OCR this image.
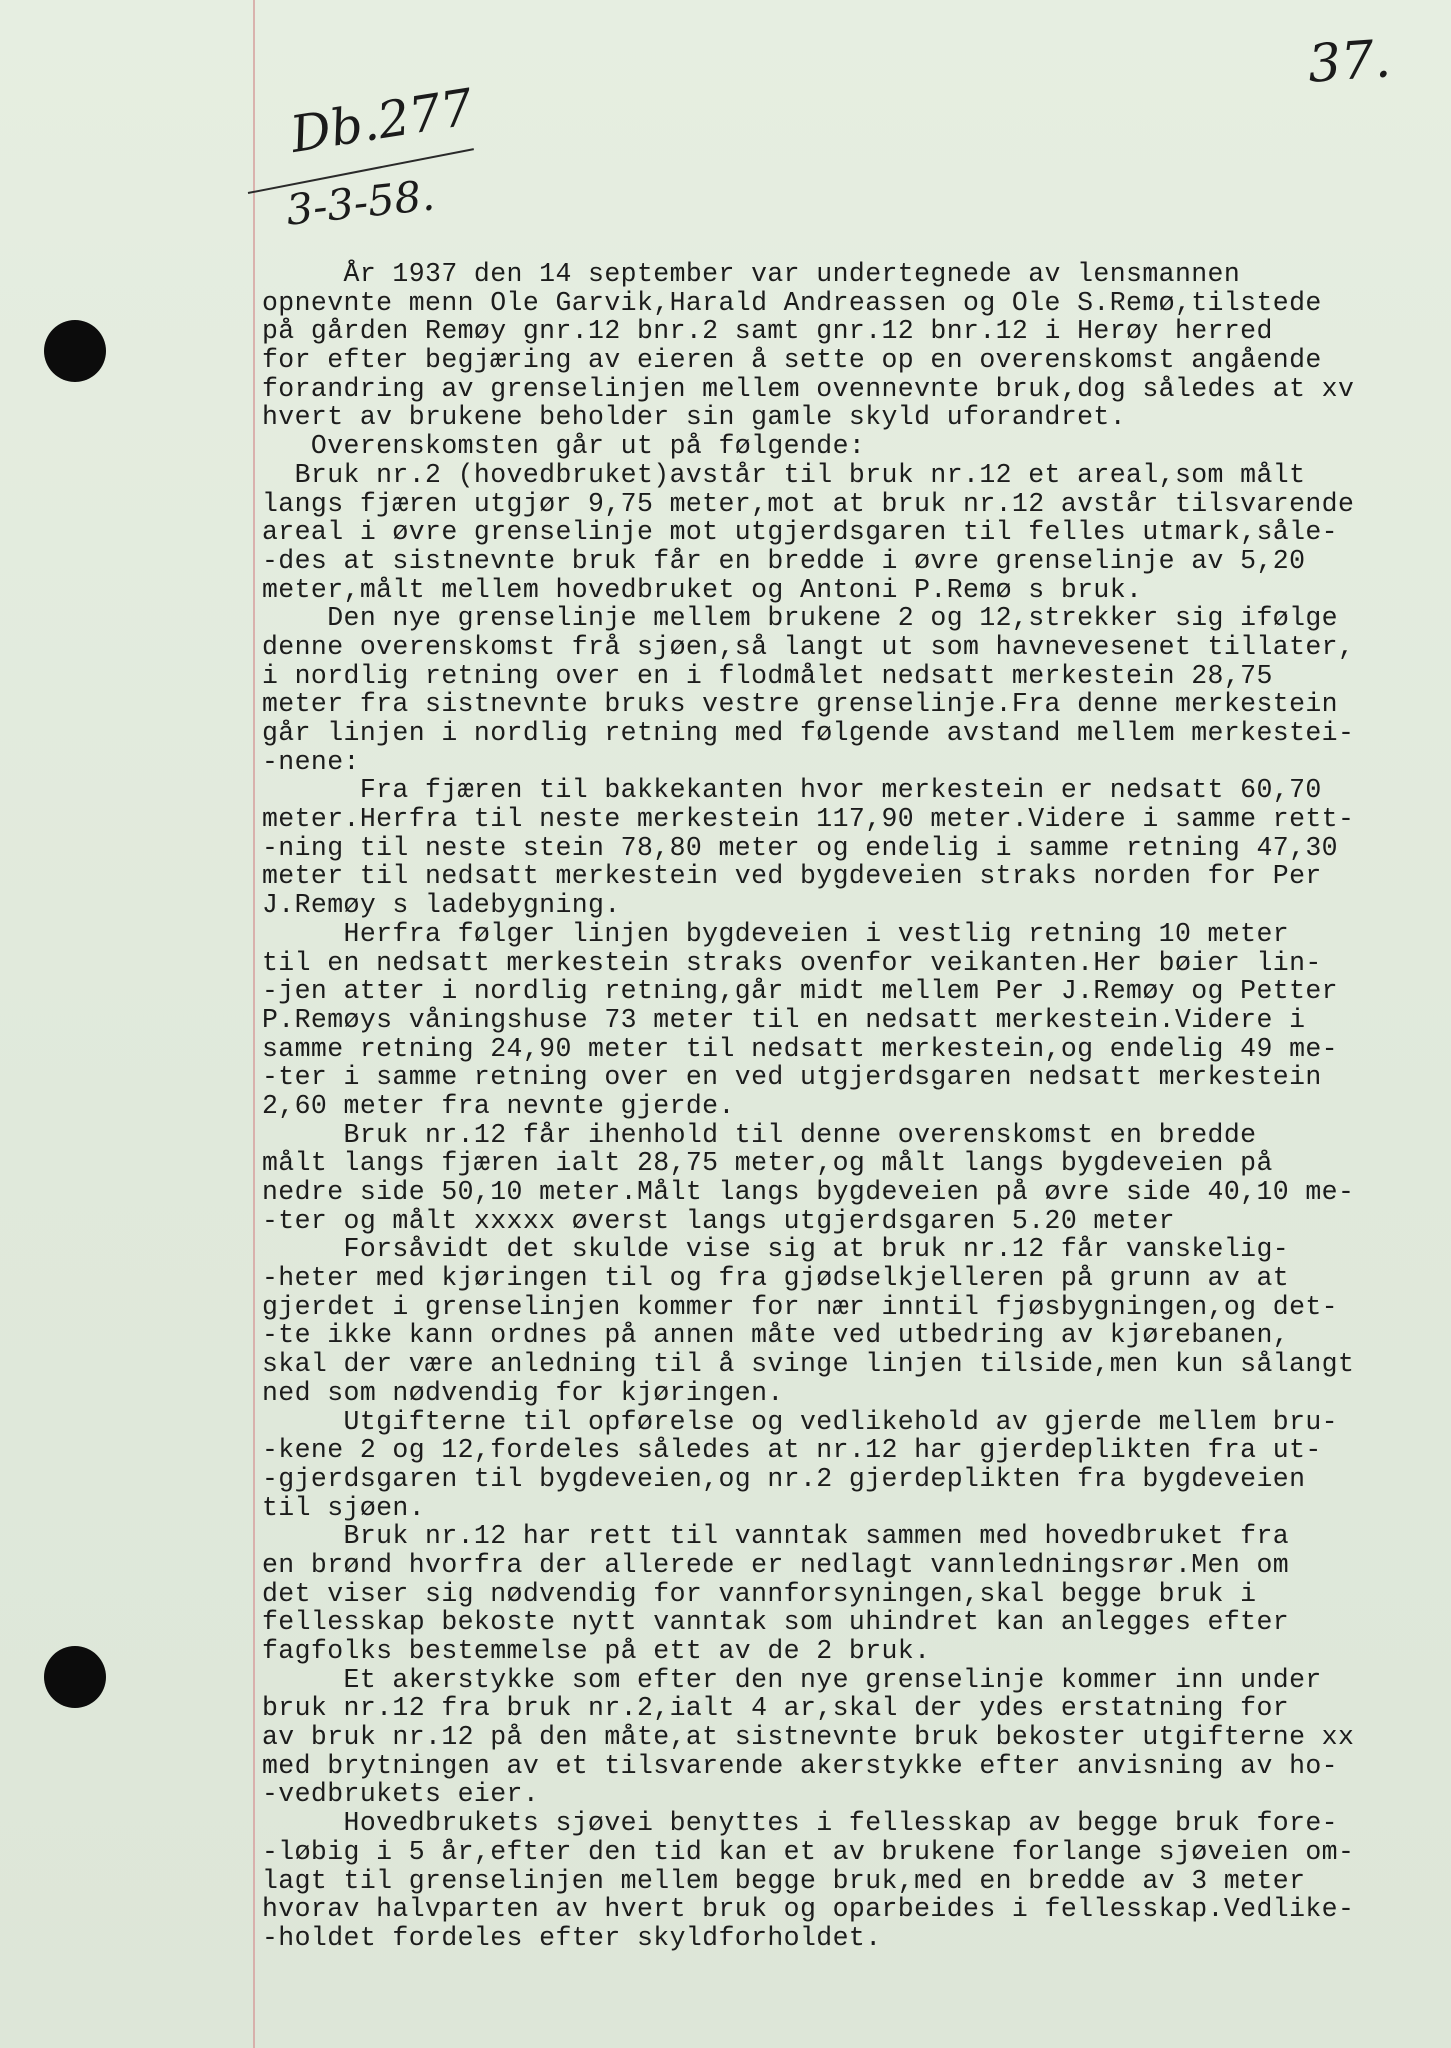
37.
Db.277
3-3-58.
År 1937 den 14 september var undertegnede av lensmannen
opnevnte menn Ole Garvik,Harald Andreassen og Ole S.Remø,tilstede
på gården Remøy gnr.12 bnr.2 samt gnr.12 bnr.12 i Herøy herred
for efter begjæring av eieren å sette op en overenskomst angående
forandring av grenselinjen mellem ovennevnte bruk,dog således at xv
hvert av brukene beholder sin gamle skyld uforandret.
Overenskomsten går ut på følgende:
Bruk nr.2 (hovedbruket)avstår til bruk nr.12 et areal,som målt
langs fjæren utgjør 9,75 meter,mot at bruk nr.12 avstår tilsvarende
areal i øvre grenselinje mot utgjerdsgaren til felles utmark,såle-
-des at sistnevnte bruk får en bredde i øvre grenselinje av 5,20
meter,målt mellem hovedbruket og Antoni P.Remø s bruk.
Den nye grenselinje mellem brukene 2 og 12,strekker sig ifølge
denne overenskomst frå sjøen,så langt ut som havnevesenet tillater,
i nordlig retning over en i flodmålet nedsatt merkestein 28,75
meter fra sistnevnte bruks vestre grenselinje.Fra denne merkestein
går linjen i nordlig retning med følgende avstand mellem merkestei-
-nene:
Fra fjæren til bakkekanten hvor merkestein er nedsatt 60,70
meter.Herfra til neste merkestein 117,90 meter.Videre i samme rett-
-ning til neste stein 78,80 meter og endelig i samme retning 47,30
meter til nedsatt merkestein ved bygdeveien straks norden for Per
J.Remøy s ladebygning.
Herfra følger linjen bygdeveien i vestlig retning 10 meter
til en nedsatt merkestein straks ovenfor veikanten.Her bøier lin-
-jen atter i nordlig retning,går midt mellem Per J.Remøy og Petter
P.Remøys våningshuse 73 meter til en nedsatt merkestein.Videre i
samme retning 24,90 meter til nedsatt merkestein,og endelig 49 me-
-ter i samme retning over en ved utgjerdsgaren nedsatt merkestein
2,60 meter fra nevnte gjerde.
Bruk nr.12 får ihenhold til denne overenskomst en bredde
målt langs fjæren ialt 28,75 meter,og målt langs bygdeveien på
nedre side 50,10 meter.Målt langs bygdeveien på øvre side 40,10 me-
-ter og målt xxxxx øverst langs utgjerdsgaren 5.20 meter
Forsåvidt det skulde vise sig at bruk nr.12 får vanskelig-
-heter med kjøringen til og fra gjødselkjelleren på grunn av at
gjerdet i grenselinjen kommer for nær inntil fjøsbygningen,og det-
-te ikke kann ordnes på annen måte ved utbedring av kjørebanen,
skal der være anledning til å svinge linjen tilside,men kun sålangt
ned som nødvendig for kjøringen.
Utgifterne til opførelse og vedlikehold av gjerde mellem bru-
-kene 2 og 12,fordeles således at nr.12 har gjerdeplikten fra ut-
-gjerdsgaren til bygdeveien,og nr.2 gjerdeplikten fra bygdeveien
til sjøen.
Bruk nr.12 har rett til vanntak sammen med hovedbruket fra
en brønd hvorfra der allerede er nedlagt vannledningsrør.Men om
det viser sig nødvendig for vannforsyningen,skal begge bruk i
fellesskap bekoste nytt vanntak som uhindret kan anlegges efter
fagfolks bestemmelse på ett av de 2 bruk.
Et akerstykke som efter den nye grenselinje kommer inn under
bruk nr.12 fra bruk nr.2,ialt 4 ar,skal der ydes erstatning for
av bruk nr.12 på den måte,at sistnevnte bruk bekoster utgifterne xx
med brytningen av et tilsvarende akerstykke efter anvisning av ho-
-vedbrukets eier.
Hovedbrukets sjøvei benyttes i fellesskap av begge bruk fore-
-løbig i 5 år,efter den tid kan et av brukene forlange sjøveien om-
lagt til grenselinjen mellem begge bruk,med en bredde av 3 meter
hvorav halvparten av hvert bruk og oparbeides i fellesskap.Vedlike-
-holdet fordeles efter skyldforholdet.
